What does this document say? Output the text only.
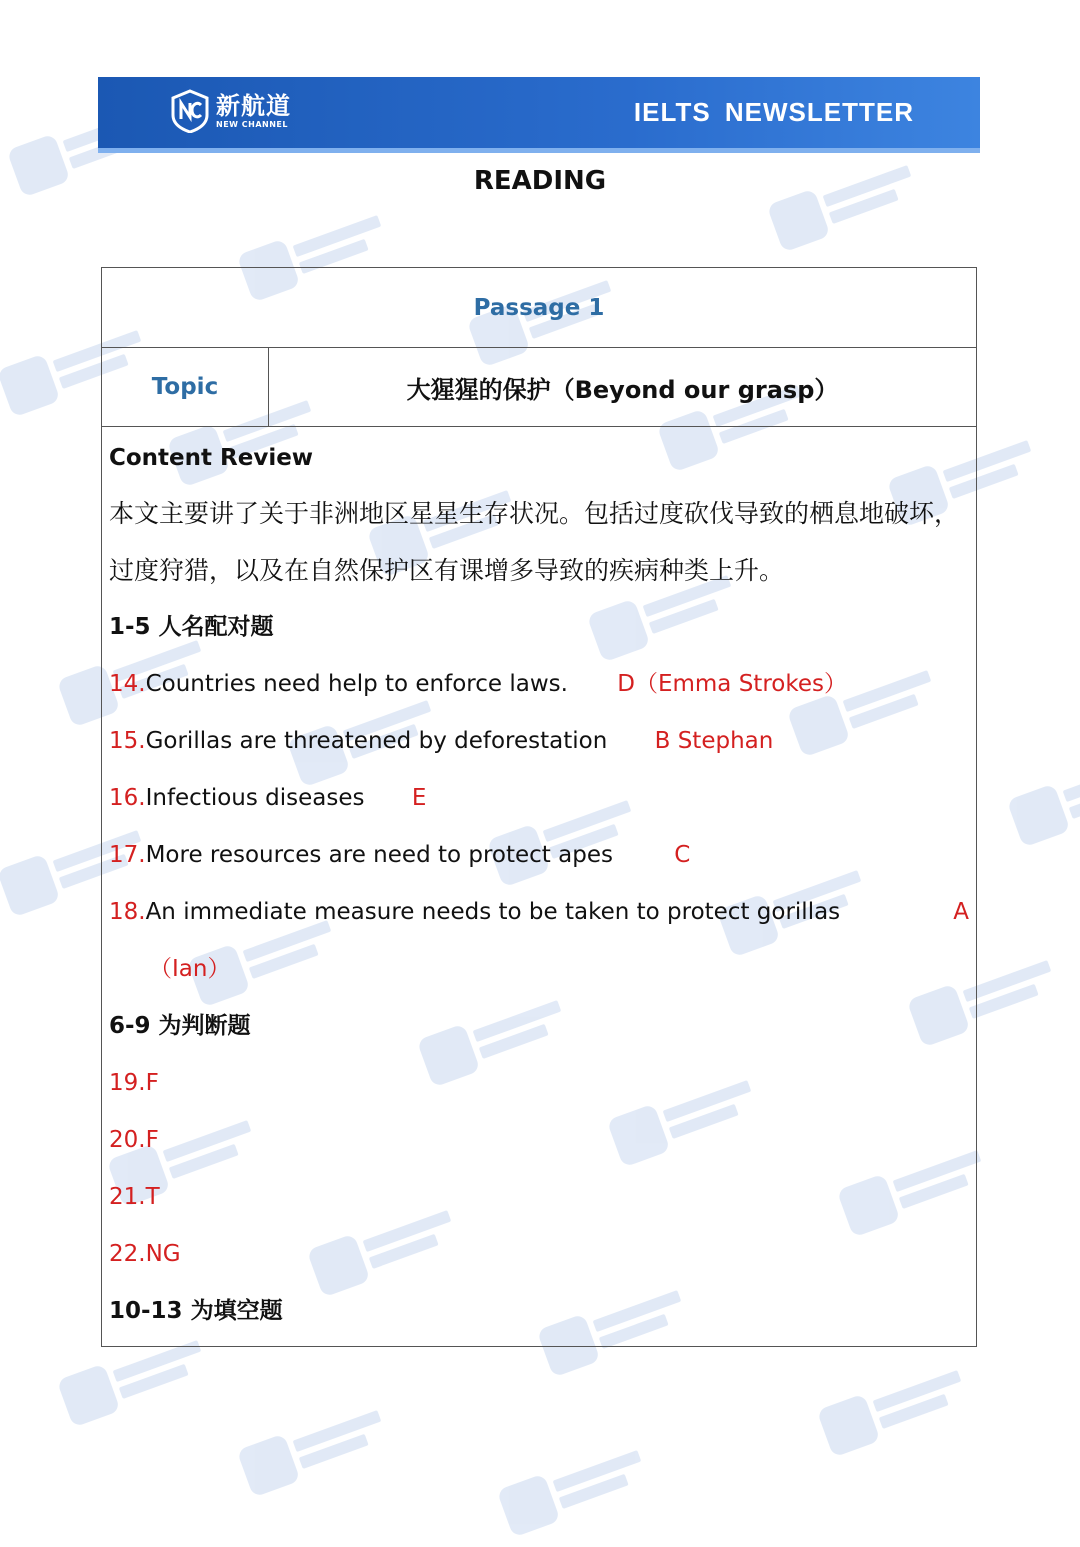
新航道
NEW CHANNEL	IELTS NEWSLETTER
READING
Passage 1
Topic	大猩猩的保护（Beyond our grasp）
Content Review
本文主要讲了关于非洲地区星星生存状况。包括过度砍伐导致的栖息地破坏，过度狩猎，以及在自然保护区有课增多导致的疾病种类上升。
1-5 人名配对题
14.Countries need help to enforce laws. D（Emma Strokes）
15.Gorillas are threatened by deforestation B Stephan
16.Infectious diseases E
17.More resources are need to protect apes	C
18.An immediate measure needs to be taken to protect gorillas	A
（Ian）
6-9 为判断题
19.F
20.F
21.T
22.NG
10-13 为填空题
